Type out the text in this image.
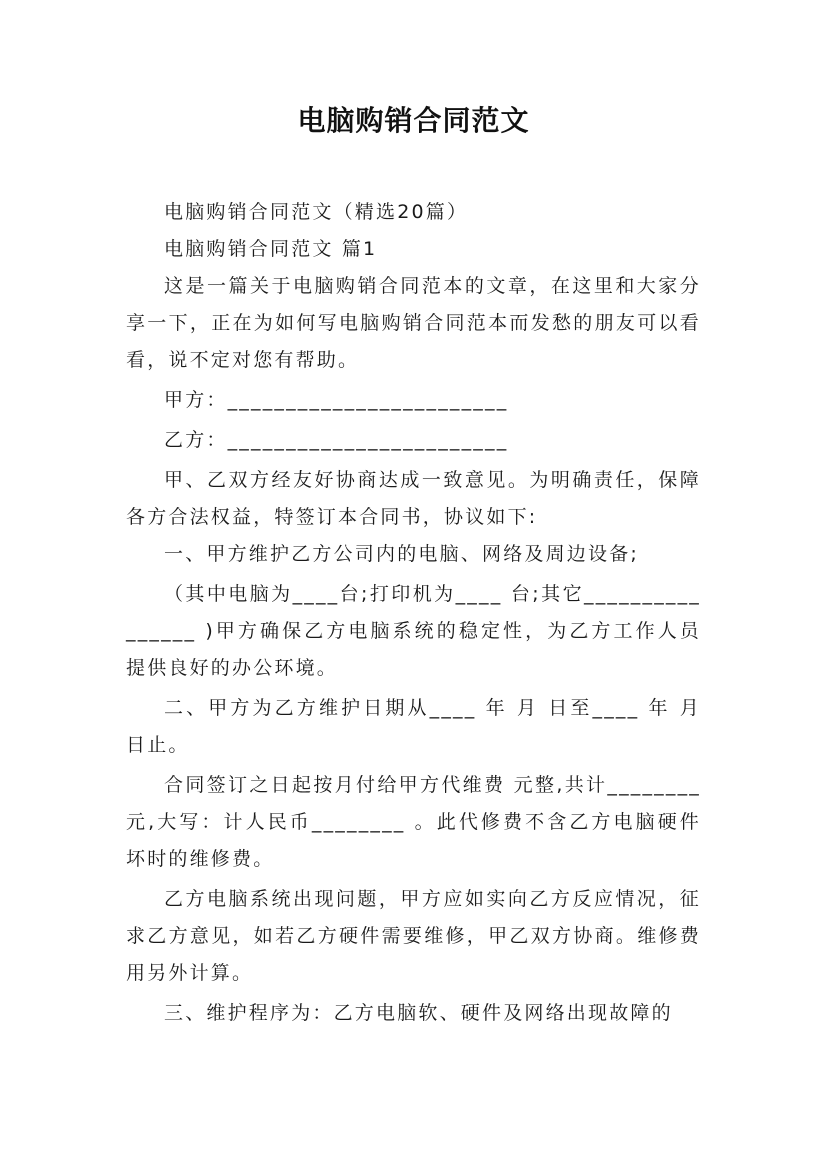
电脑购销合同范文

电脑购销合同范文（精选20篇）

电脑购销合同范文 篇1

这是一篇关于电脑购销合同范本的文章，在这里和大家分享一下，正在为如何写电脑购销合同范本而发愁的朋友可以看看，说不定对您有帮助。

甲方：________________________

乙方：________________________

甲、乙双方经友好协商达成一致意见。为明确责任，保障各方合法权益，特签订本合同书，协议如下:

一、甲方维护乙方公司内的电脑、网络及周边设备;

（其中电脑为____台;打印机为____ 台;其它________________ )甲方确保乙方电脑系统的稳定性，为乙方工作人员提供良好的办公环境。

二、甲方为乙方维护日期从____ 年 月 日至____ 年 月 日止。

合同签订之日起按月付给甲方代维费 元整,共计________ 元,大写：计人民币________ 。此代修费不含乙方电脑硬件坏时的维修费。

乙方电脑系统出现问题，甲方应如实向乙方反应情况，征求乙方意见，如若乙方硬件需要维修，甲乙双方协商。维修费用另外计算。

三、维护程序为：乙方电脑软、硬件及网络出现故障的
